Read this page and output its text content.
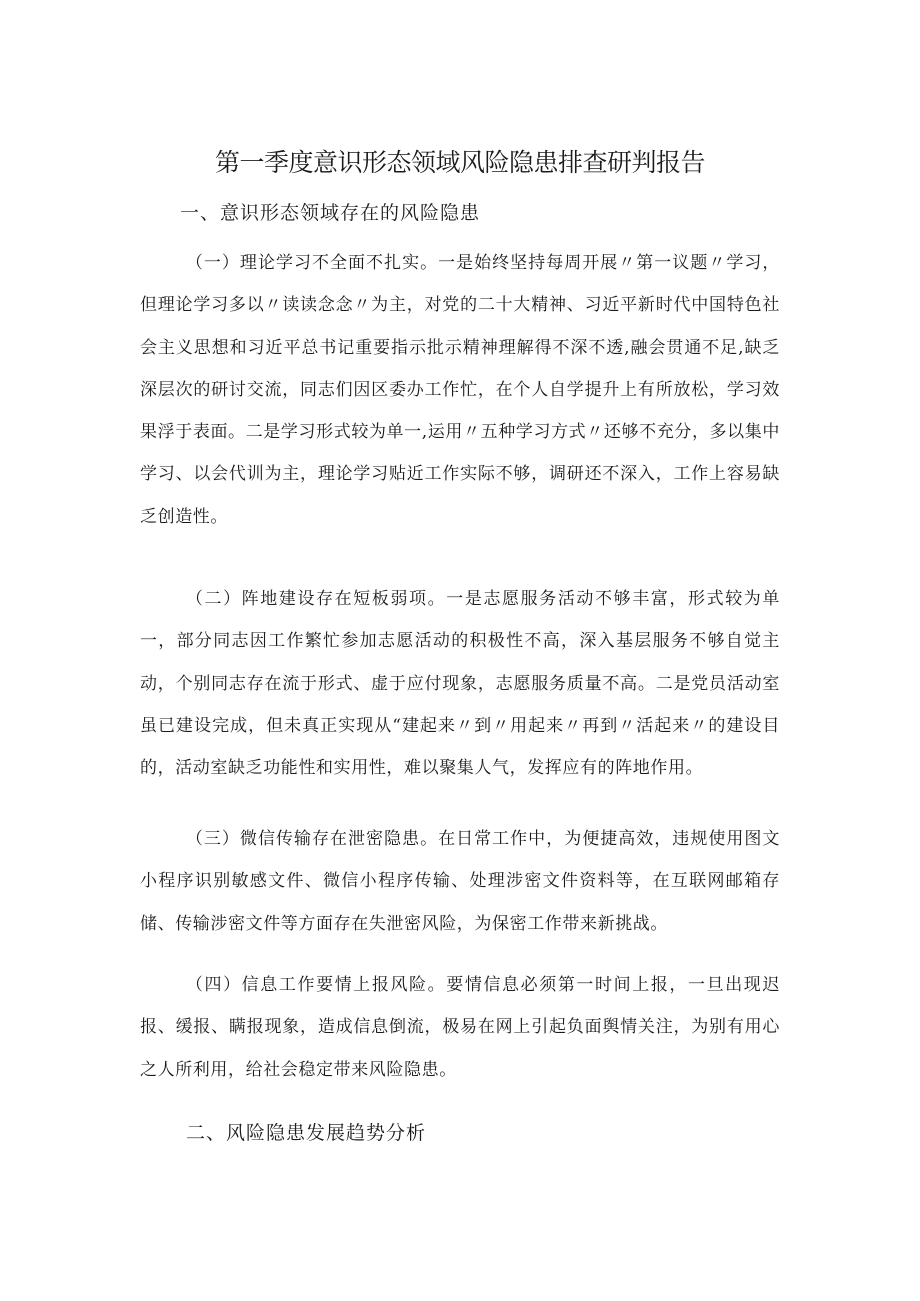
第一季度意识形态领域风险隐患排查研判报告
一、意识形态领域存在的风险隐患

（一）理论学习不全面不扎实。一是始终坚持每周开展〃第一议题〃学习，但理论学习多以〃读读念念〃为主，对党的二十大精神、习近平新时代中国特色社会主义思想和习近平总书记重要指示批示精神理解得不深不透,融会贯通不足,缺乏深层次的研讨交流，同志们因区委办工作忙，在个人自学提升上有所放松，学习效果浮于表面。二是学习形式较为单一,运用〃五种学习方式〃还够不充分，多以集中学习、以会代训为主，理论学习贴近工作实际不够，调研还不深入，工作上容易缺乏创造性。

（二）阵地建设存在短板弱项。一是志愿服务活动不够丰富，形式较为单一，部分同志因工作繁忙参加志愿活动的积极性不高，深入基层服务不够自觉主动，个别同志存在流于形式、虚于应付现象，志愿服务质量不高。二是党员活动室虽已建设完成，但未真正实现从“建起来〃到〃用起来〃再到〃活起来〃的建设目的，活动室缺乏功能性和实用性，难以聚集人气，发挥应有的阵地作用。

（三）微信传输存在泄密隐患。在日常工作中，为便捷高效，违规使用图文小程序识别敏感文件、微信小程序传输、处理涉密文件资料等，在互联网邮箱存储、传输涉密文件等方面存在失泄密风险，为保密工作带来新挑战。

（四）信息工作要情上报风险。要情信息必须第一时间上报，一旦出现迟报、缓报、瞒报现象，造成信息倒流，极易在网上引起负面舆情关注，为别有用心之人所利用，给社会稳定带来风险隐患。

二、风险隐患发展趋势分析
